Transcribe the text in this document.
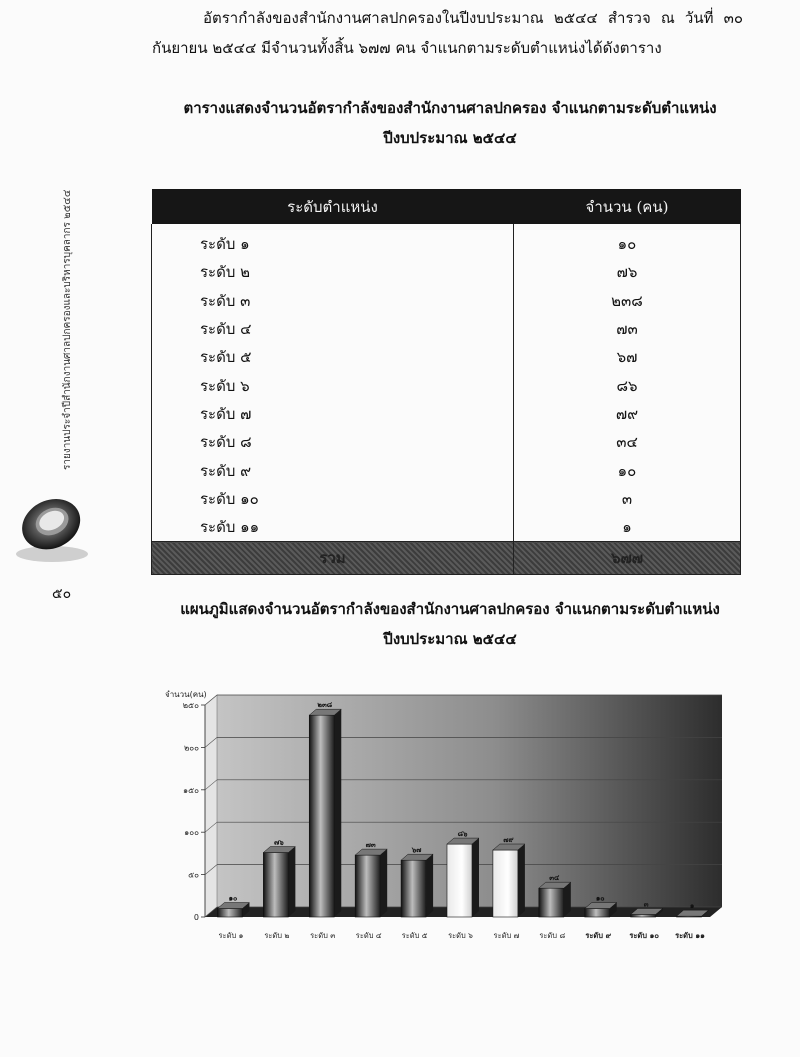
อัตรากำลังของสำนักงานศาลปกครองในปีงบประมาณ ๒๕๔๔ สำรวจ ณ วันที่ ๓๐
กันยายน ๒๕๔๔ มีจำนวนทั้งสิ้น ๖๗๗ คน จำแนกตามระดับตำแหน่งได้ดังตาราง
ตารางแสดงจำนวนอัตรากำลังของสำนักงานศาลปกครอง จำแนกตามระดับตำแหน่ง
ปีงบประมาณ ๒๕๔๔
รายงานประจำปีสำนักงานศาลปกครองและบริหารบุคลากร ๒๕๔๔
๕๐
ระดับตำแหน่ง	จำนวน (คน)
ระดับ ๑	๑๐
ระดับ ๒	๗๖
ระดับ ๓	๒๓๘
ระดับ ๔	๗๓
ระดับ ๕	๖๗
ระดับ ๖	๘๖
ระดับ ๗	๗๙
ระดับ ๘	๓๔
ระดับ ๙	๑๐
ระดับ ๑๐	๓
ระดับ ๑๑	๑
รวม	๖๗๗
แผนภูมิแสดงจำนวนอัตรากำลังของสำนักงานศาลปกครอง จำแนกตามระดับตำแหน่ง
ปีงบประมาณ ๒๕๔๔
0
๕๐
๑๐๐
๑๕๐
๒๐๐
๒๕๐
จำนวน(คน)
๑๐
ระดับ ๑
๗๖
ระดับ ๒
๒๓๘
ระดับ ๓
๗๓
ระดับ ๔
๖๗
ระดับ ๕
๘๖
ระดับ ๖
๗๙
ระดับ ๗
๓๔
ระดับ ๘
๑๐
ระดับ ๙
๓
ระดับ ๑๐
๑
ระดับ ๑๑
